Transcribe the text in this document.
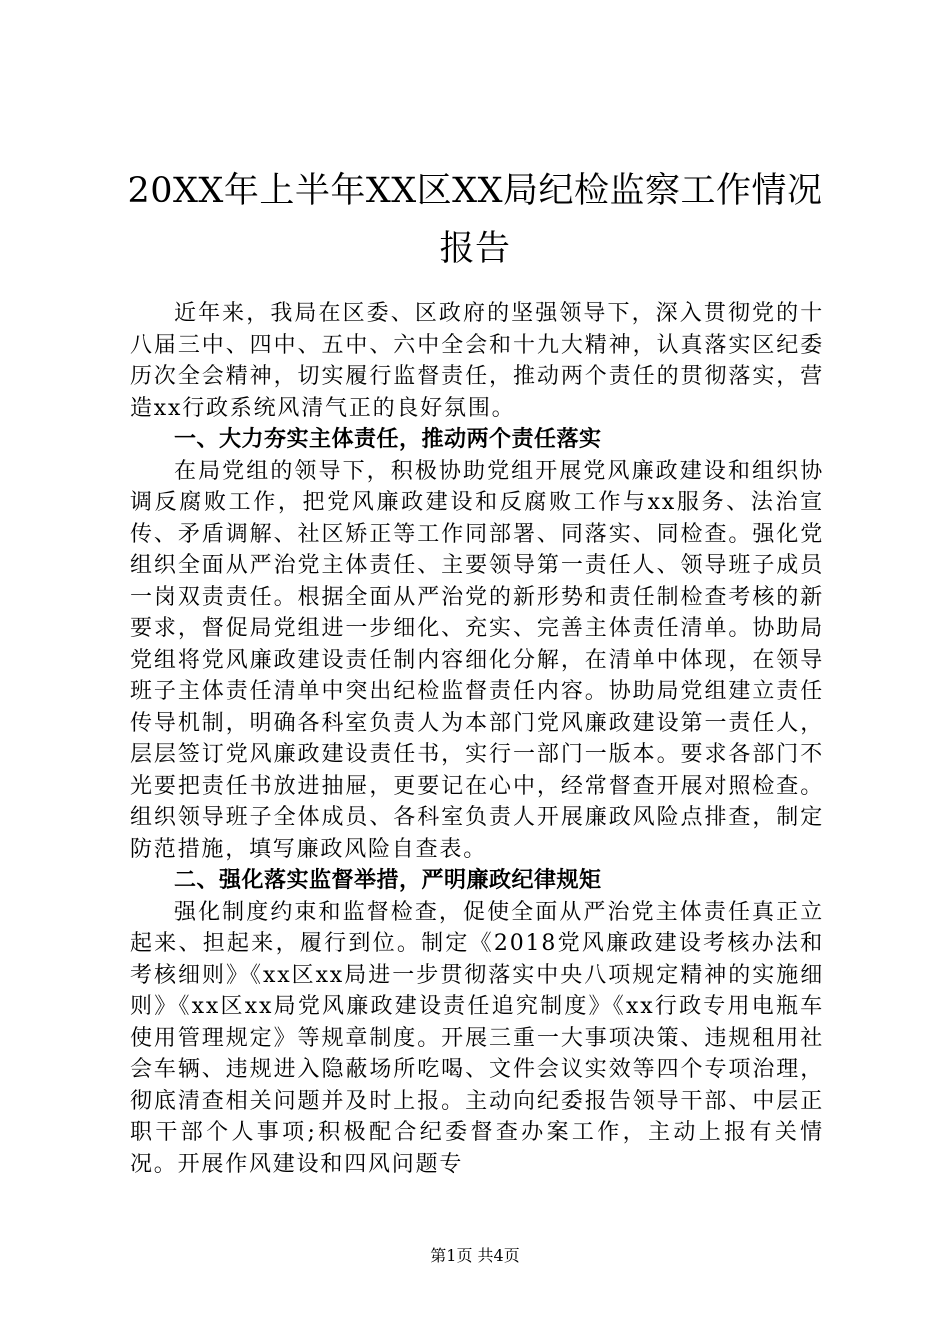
20XX年上半年XX区XX局纪检监察工作情况报告

近年来，我局在区委、区政府的坚强领导下，深入贯彻党的十八届三中、四中、五中、六中全会和十九大精神，认真落实区纪委历次全会精神，切实履行监督责任，推动两个责任的贯彻落实，营造xx行政系统风清气正的良好氛围。

一、大力夯实主体责任，推动两个责任落实

在局党组的领导下，积极协助党组开展党风廉政建设和组织协调反腐败工作，把党风廉政建设和反腐败工作与xx服务、法治宣传、矛盾调解、社区矫正等工作同部署、同落实、同检查。强化党组织全面从严治党主体责任、主要领导第一责任人、领导班子成员一岗双责责任。根据全面从严治党的新形势和责任制检查考核的新要求，督促局党组进一步细化、充实、完善主体责任清单。协助局党组将党风廉政建设责任制内容细化分解，在清单中体现，在领导班子主体责任清单中突出纪检监督责任内容。协助局党组建立责任传导机制，明确各科室负责人为本部门党风廉政建设第一责任人，层层签订党风廉政建设责任书，实行一部门一版本。要求各部门不光要把责任书放进抽屉，更要记在心中，经常督查开展对照检查。组织领导班子全体成员、各科室负责人开展廉政风险点排查，制定防范措施，填写廉政风险自查表。

二、强化落实监督举措，严明廉政纪律规矩

强化制度约束和监督检查，促使全面从严治党主体责任真正立起来、担起来，履行到位。制定《2018党风廉政建设考核办法和考核细则》《xx区xx局进一步贯彻落实中央八项规定精神的实施细则》《xx区xx局党风廉政建设责任追究制度》《xx行政专用电瓶车使用管理规定》等规章制度。开展三重一大事项决策、违规租用社会车辆、违规进入隐蔽场所吃喝、文件会议实效等四个专项治理，彻底清查相关问题并及时上报。主动向纪委报告领导干部、中层正职干部个人事项;积极配合纪委督查办案工作，主动上报有关情况。开展作风建设和四风问题专

第1页 共4页
